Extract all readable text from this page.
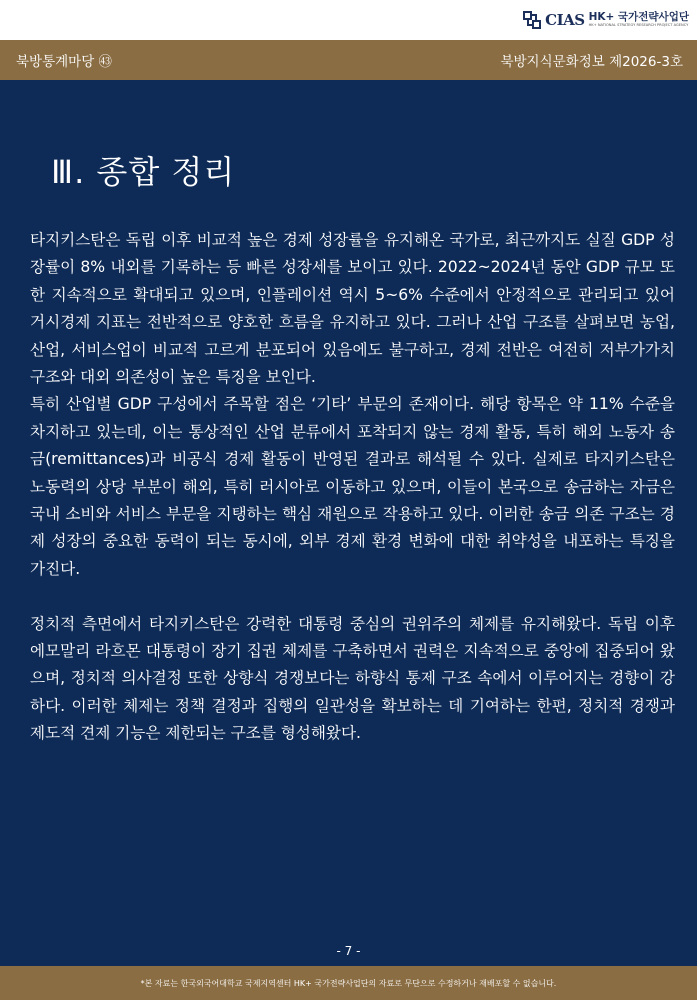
CIAS HK+ 국가전략사업단
HK+ NATIONAL STRATEGY RESEARCH PROJECT AGENCY
북방통계마당 ㊸	북방지식문화정보 제2026-3호
Ⅲ. 종합 정리

타지키스탄은 독립 이후 비교적 높은 경제 성장률을 유지해온 국가로, 최근까지도 실질 GDP 성장률이 8% 내외를 기록하는 등 빠른 성장세를 보이고 있다. 2022~2024년 동안 GDP 규모 또한 지속적으로 확대되고 있으며, 인플레이션 역시 5~6% 수준에서 안정적으로 관리되고 있어 거시경제 지표는 전반적으로 양호한 흐름을 유지하고 있다. 그러나 산업 구조를 살펴보면 농업, 산업, 서비스업이 비교적 고르게 분포되어 있음에도 불구하고, 경제 전반은 여전히 저부가가치 구조와 대외 의존성이 높은 특징을 보인다.

특히 산업별 GDP 구성에서 주목할 점은 ‘기타’ 부문의 존재이다. 해당 항목은 약 11% 수준을 차지하고 있는데, 이는 통상적인 산업 분류에서 포착되지 않는 경제 활동, 특히 해외 노동자 송금(remittances)과 비공식 경제 활동이 반영된 결과로 해석될 수 있다. 실제로 타지키스탄은 노동력의 상당 부분이 해외, 특히 러시아로 이동하고 있으며, 이들이 본국으로 송금하는 자금은 국내 소비와 서비스 부문을 지탱하는 핵심 재원으로 작용하고 있다. 이러한 송금 의존 구조는 경제 성장의 중요한 동력이 되는 동시에, 외부 경제 환경 변화에 대한 취약성을 내포하는 특징을 가진다.

정치적 측면에서 타지키스탄은 강력한 대통령 중심의 권위주의 체제를 유지해왔다. 독립 이후 에모말리 라흐몬 대통령이 장기 집권 체제를 구축하면서 권력은 지속적으로 중앙에 집중되어 왔으며, 정치적 의사결정 또한 상향식 경쟁보다는 하향식 통제 구조 속에서 이루어지는 경향이 강하다. 이러한 체제는 정책 결정과 집행의 일관성을 확보하는 데 기여하는 한편, 정치적 경쟁과 제도적 견제 기능은 제한되는 구조를 형성해왔다.

- 7 -
*본 자료는 한국외국어대학교 국제지역센터 HK+ 국가전략사업단의 자료로 무단으로 수정하거나 재배포할 수 없습니다.
